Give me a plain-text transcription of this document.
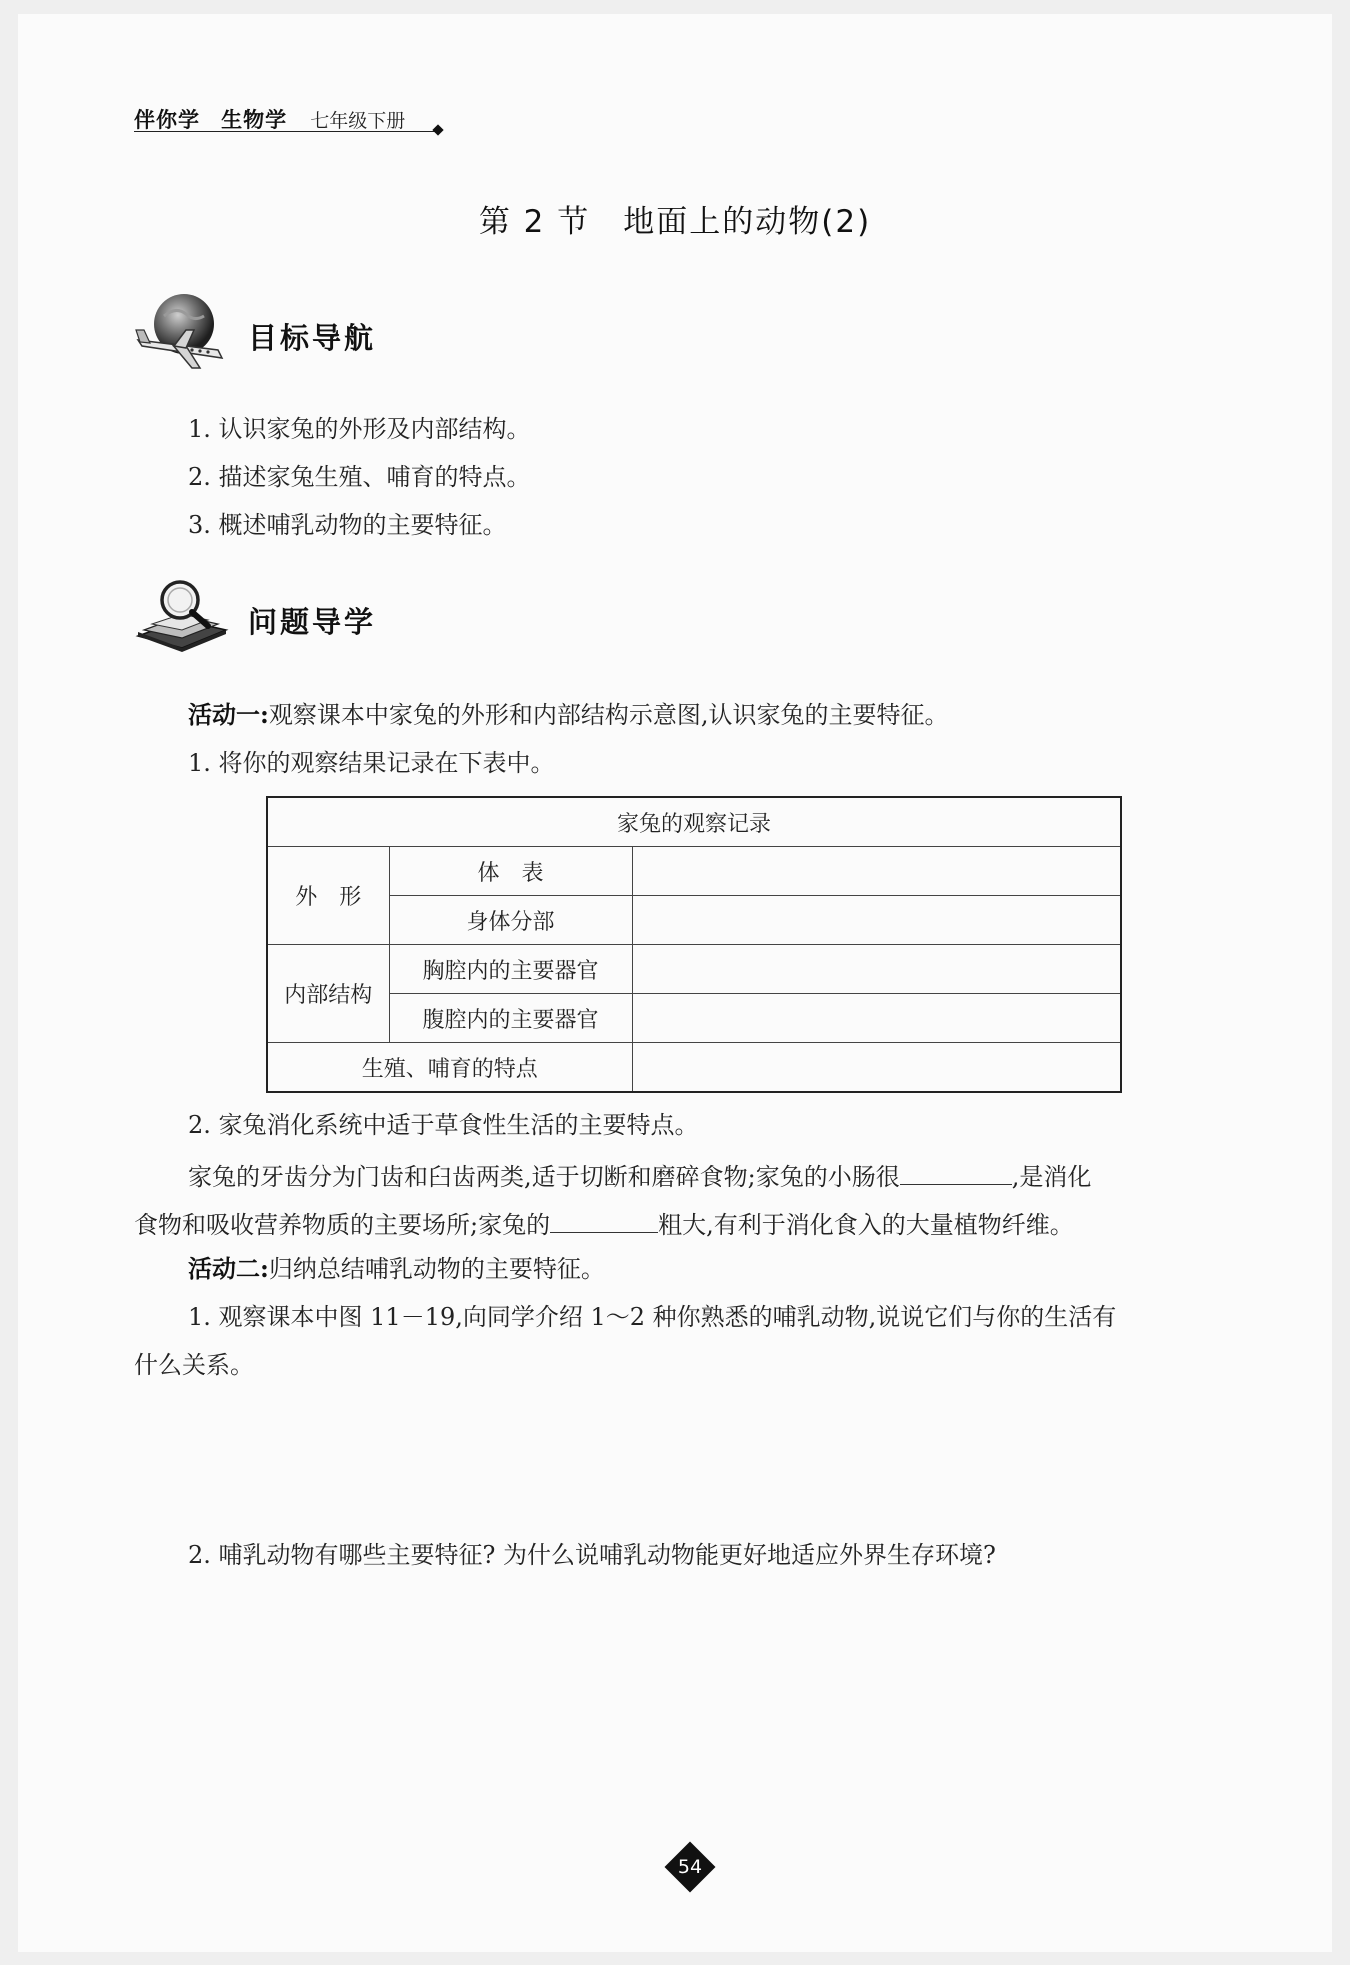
伴你学 生物学 七年级下册
第 2 节　地面上的动物(2)
目标导航
1. 认识家兔的外形及内部结构。
2. 描述家兔生殖、哺育的特点。
3. 概述哺乳动物的主要特征。
问题导学
活动一:观察课本中家兔的外形和内部结构示意图,认识家兔的主要特征。
1. 将你的观察结果记录在下表中。
家兔的观察记录		
外　形	体　表	
	身体分部	
内部结构	胸腔内的主要器官	
	腹腔内的主要器官	
生殖、哺育的特点		
2. 家兔消化系统中适于草食性生活的主要特点。
家兔的牙齿分为门齿和臼齿两类,适于切断和磨碎食物;家兔的小肠很	,是消化
食物和吸收营养物质的主要场所;家兔的	粗大,有利于消化食入的大量植物纤维。
活动二:归纳总结哺乳动物的主要特征。
1. 观察课本中图 11－19,向同学介绍 1～2 种你熟悉的哺乳动物,说说它们与你的生活有
什么关系。
2. 哺乳动物有哪些主要特征? 为什么说哺乳动物能更好地适应外界生存环境?
54
